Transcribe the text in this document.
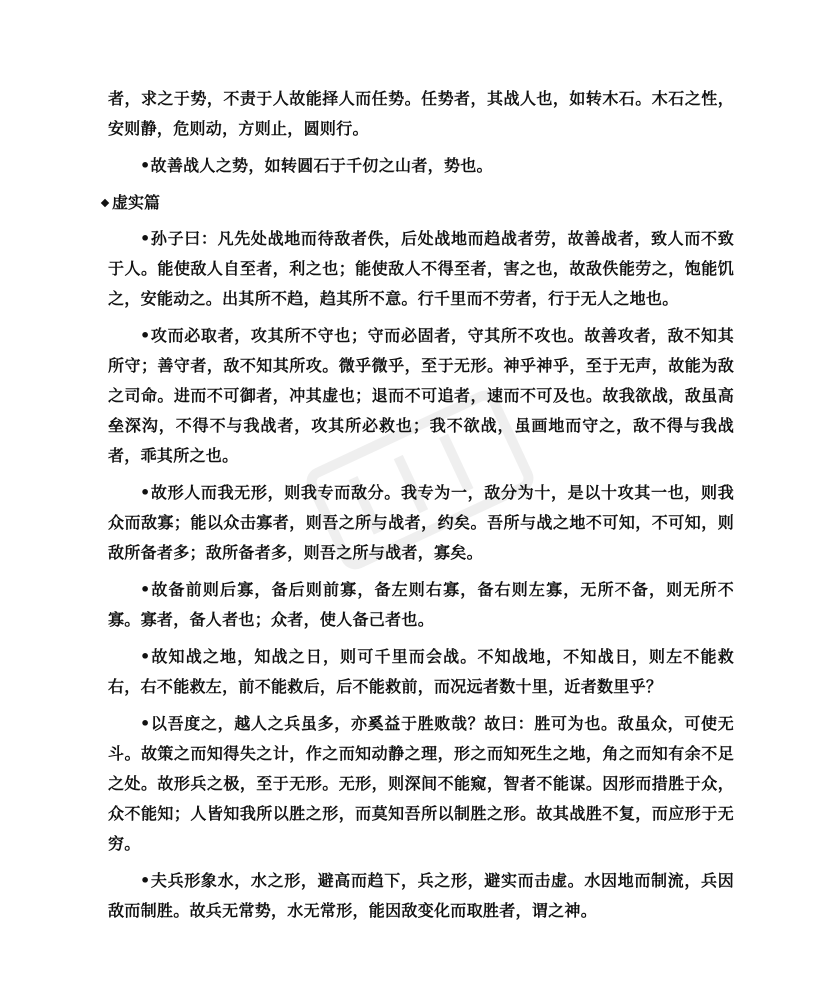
者，求之于势，不责于人故能择人而任势。任势者，其战人也，如转木石。木石之性，安则静，危则动，方则止，圆则行。

•故善战人之势，如转圆石于千仞之山者，势也。

虚实篇

•孙子曰：凡先处战地而待敌者佚，后处战地而趋战者劳，故善战者，致人而不致于人。能使敌人自至者，利之也；能使敌人不得至者，害之也，故敌佚能劳之，饱能饥之，安能动之。出其所不趋，趋其所不意。行千里而不劳者，行于无人之地也。

•攻而必取者，攻其所不守也；守而必固者，守其所不攻也。故善攻者，敌不知其所守；善守者，敌不知其所攻。微乎微乎，至于无形。神乎神乎，至于无声，故能为敌之司命。进而不可御者，冲其虚也；退而不可追者，速而不可及也。故我欲战，敌虽高垒深沟，不得不与我战者，攻其所必救也；我不欲战，虽画地而守之，敌不得与我战者，乖其所之也。

•故形人而我无形，则我专而敌分。我专为一，敌分为十，是以十攻其一也，则我众而敌寡；能以众击寡者，则吾之所与战者，约矣。吾所与战之地不可知，不可知，则敌所备者多；敌所备者多，则吾之所与战者，寡矣。

•故备前则后寡，备后则前寡，备左则右寡，备右则左寡，无所不备，则无所不寡。寡者，备人者也；众者，使人备己者也。

•故知战之地，知战之日，则可千里而会战。不知战地，不知战日，则左不能救右，右不能救左，前不能救后，后不能救前，而况远者数十里，近者数里乎？

•以吾度之，越人之兵虽多，亦奚益于胜败哉？故曰：胜可为也。敌虽众，可使无斗。故策之而知得失之计，作之而知动静之理，形之而知死生之地，角之而知有余不足之处。故形兵之极，至于无形。无形，则深间不能窥，智者不能谋。因形而措胜于众，众不能知；人皆知我所以胜之形，而莫知吾所以制胜之形。故其战胜不复，而应形于无穷。

•夫兵形象水，水之形，避高而趋下，兵之形，避实而击虚。水因地而制流，兵因敌而制胜。故兵无常势，水无常形，能因敌变化而取胜者，谓之神。
